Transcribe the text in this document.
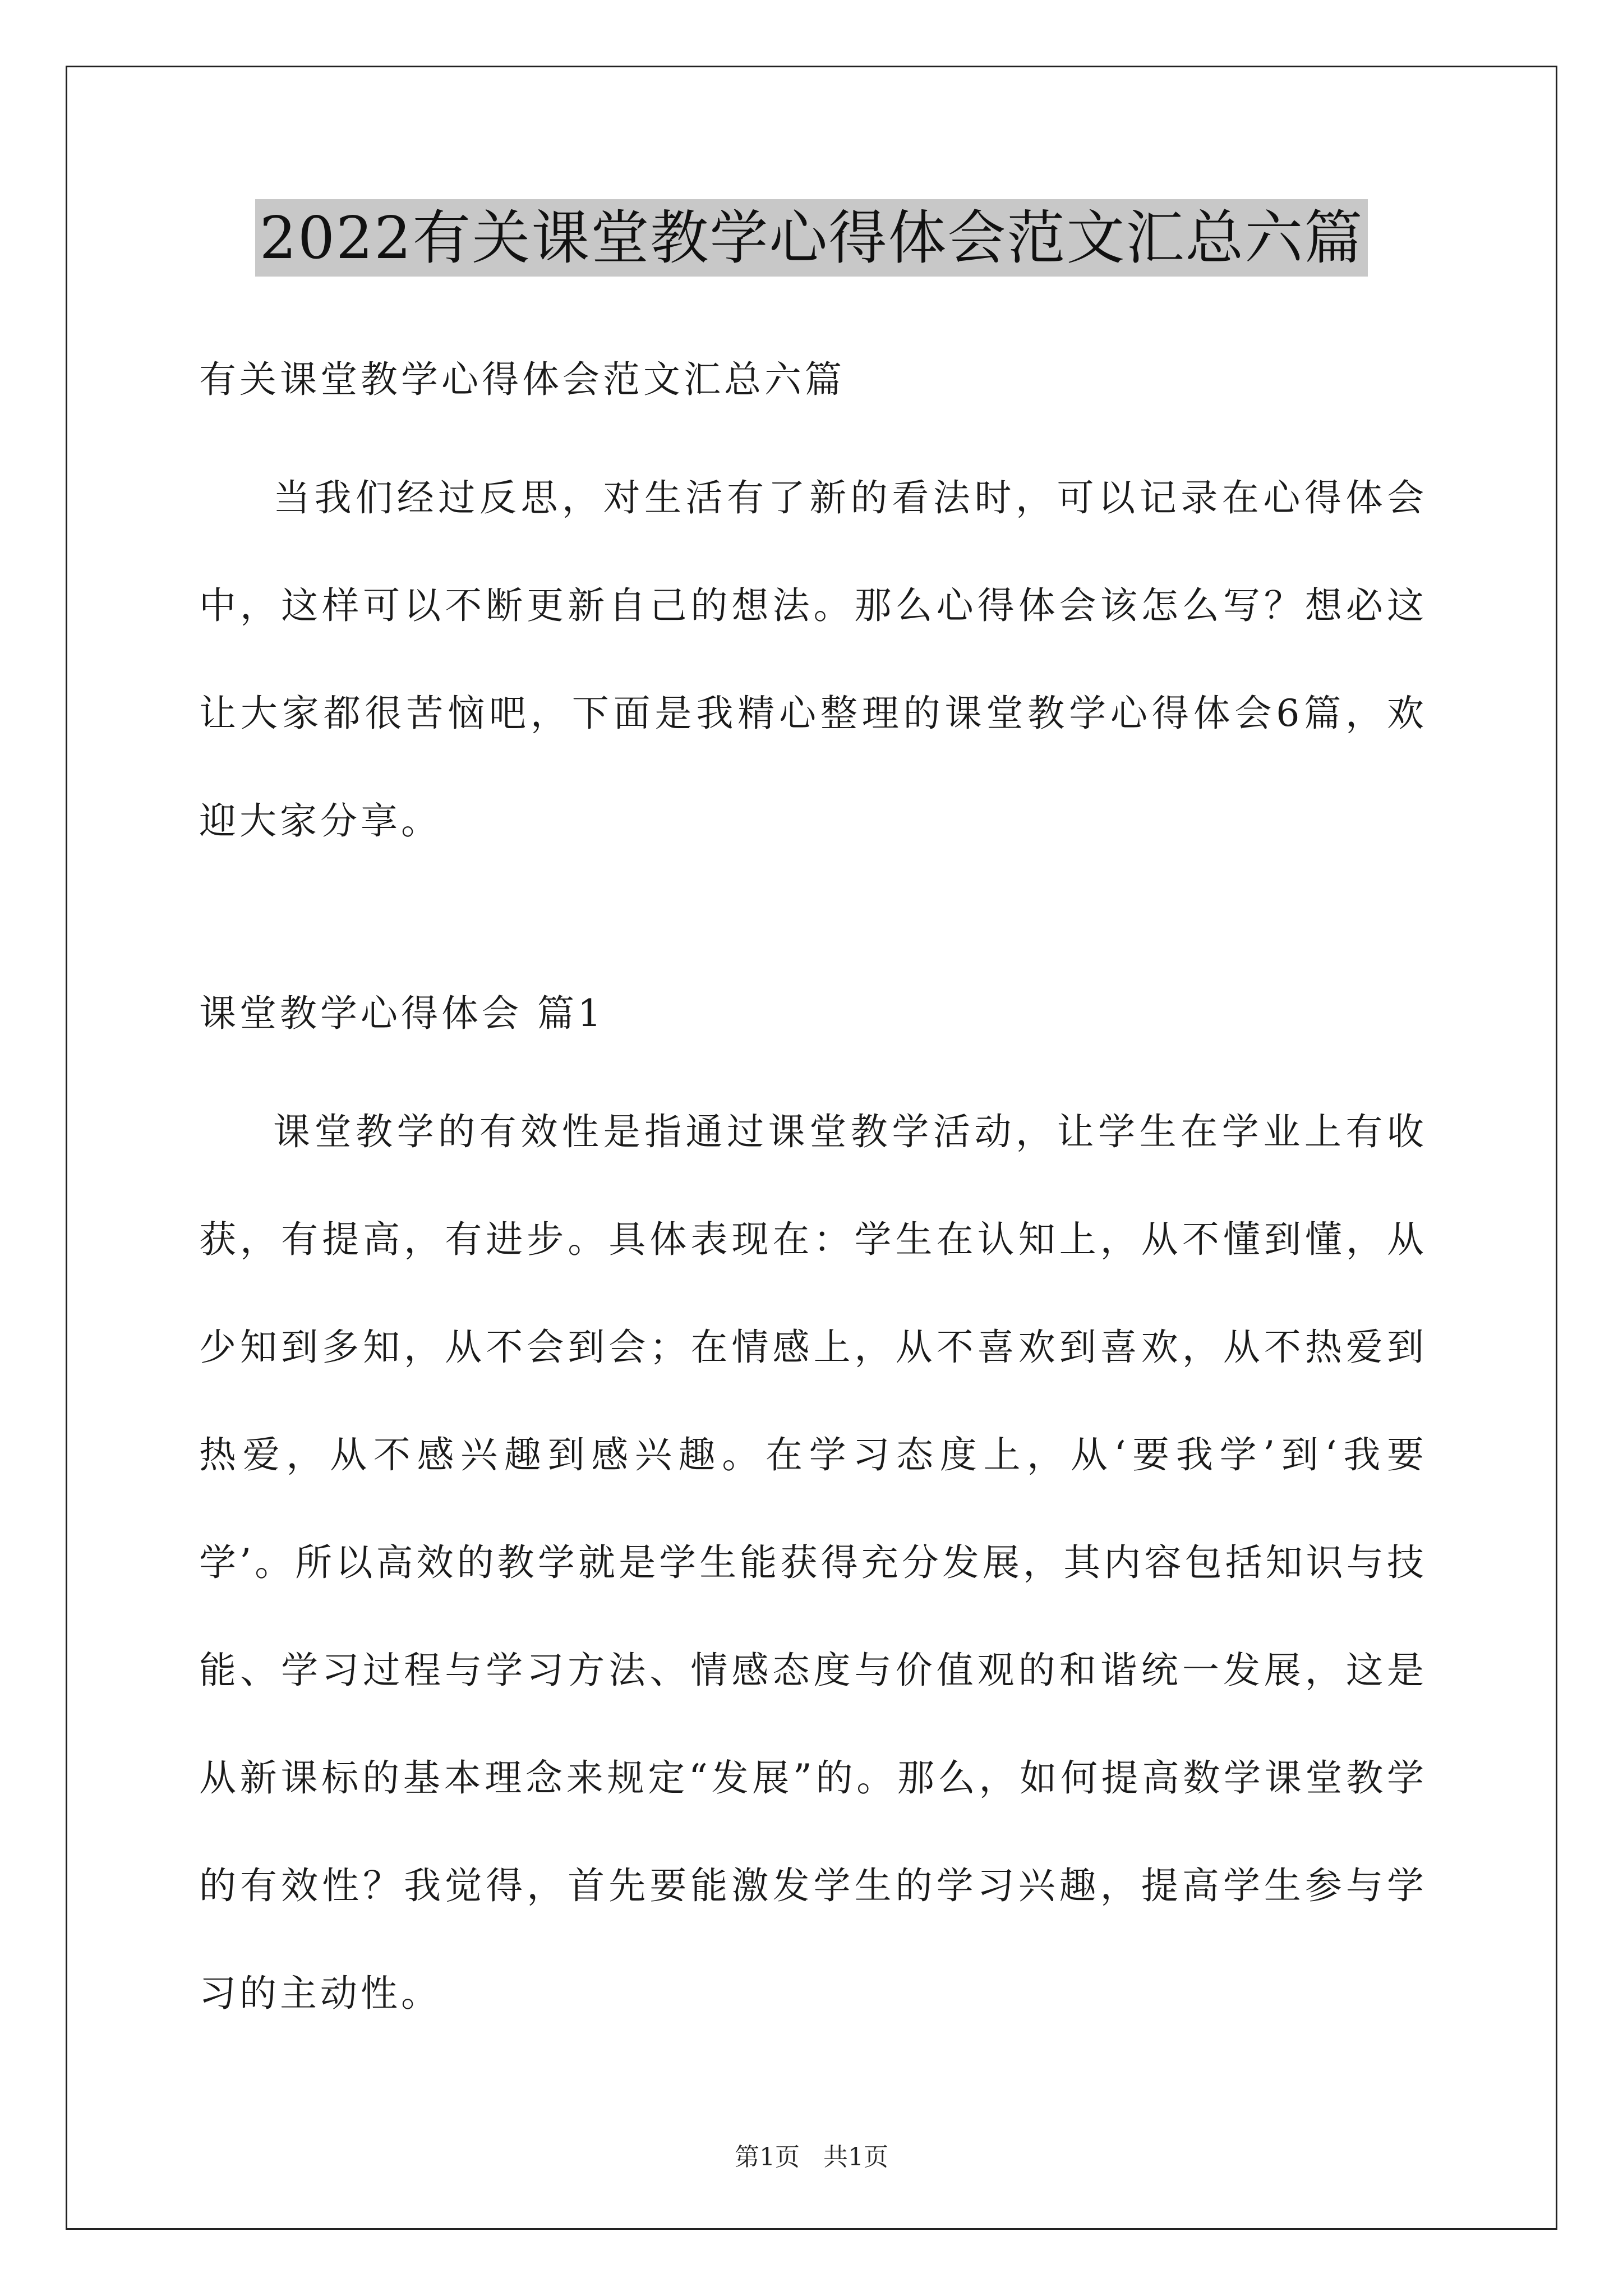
2022有关课堂教学心得体会范文汇总六篇
有关课堂教学心得体会范文汇总六篇
当我们经过反思，对生活有了新的看法时，可以记录在心得体会中，这样可以不断更新自己的想法。那么心得体会该怎么写？想必这让大家都很苦恼吧，下面是我精心整理的课堂教学心得体会6篇，欢迎大家分享。
课堂教学心得体会 篇1
课堂教学的有效性是指通过课堂教学活动，让学生在学业上有收获，有提高，有进步。具体表现在：学生在认知上，从不懂到懂，从少知到多知，从不会到会；在情感上，从不喜欢到喜欢，从不热爱到热爱，从不感兴趣到感兴趣。在学习态度上，从‘要我学’到‘我要学’。所以高效的教学就是学生能获得充分发展，其内容包括知识与技能、学习过程与学习方法、情感态度与价值观的和谐统一发展，这是从新课标的基本理念来规定“发展”的。那么，如何提高数学课堂教学的有效性？我觉得，首先要能激发学生的学习兴趣，提高学生参与学习的主动性。
第1页 共1页
